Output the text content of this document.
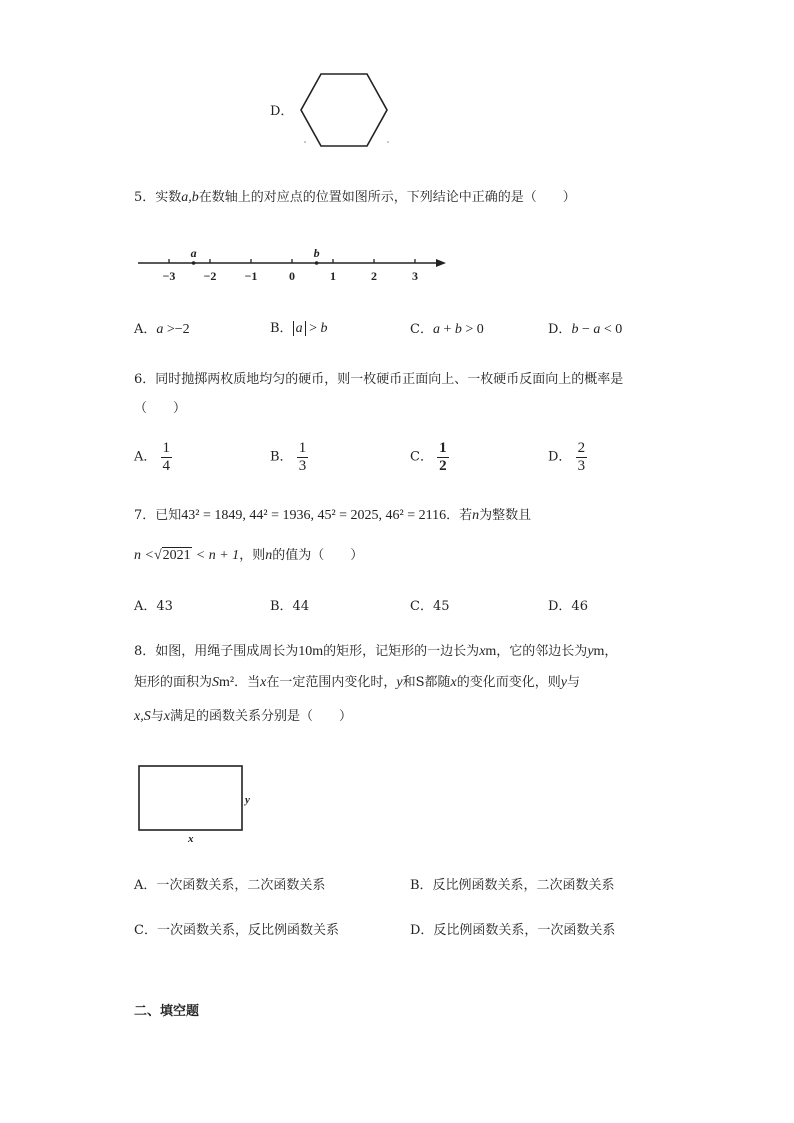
D．
5．实数a,b在数轴上的对应点的位置如图所示，下列结论中正确的是（　　）
−3 −2 −1	0	1	2	3
a	b
A．a >−2	B． a > b	C．a + b > 0	D．b − a < 0
6．同时抛掷两枚质地均匀的硬币，则一枚硬币正面向上、一枚硬币反面向上的概率是
（　　）
A． $\frac{1}{4}$	B． $\frac{1}{3}$	C． $\frac{1}{2}$	D． $\frac{2}{3}$
7．已知43² = 1849, 44² = 1936, 45² = 2025, 46² = 2116．若n为整数且
n <√2021 < n + 1，则n的值为（　　）
A．43	B．44	C．45	D．46
8．如图，用绳子围成周长为10m的矩形，记矩形的一边长为xm，它的邻边长为ym，
矩形的面积为Sm²．当x在一定范围内变化时，y和S都随x的变化而变化，则y与
x,S与x满足的函数关系分别是（　　）
y
x
A．一次函数关系，二次函数关系	B．反比例函数关系，二次函数关系
C．一次函数关系，反比例函数关系	D．反比例函数关系，一次函数关系
二、填空题
